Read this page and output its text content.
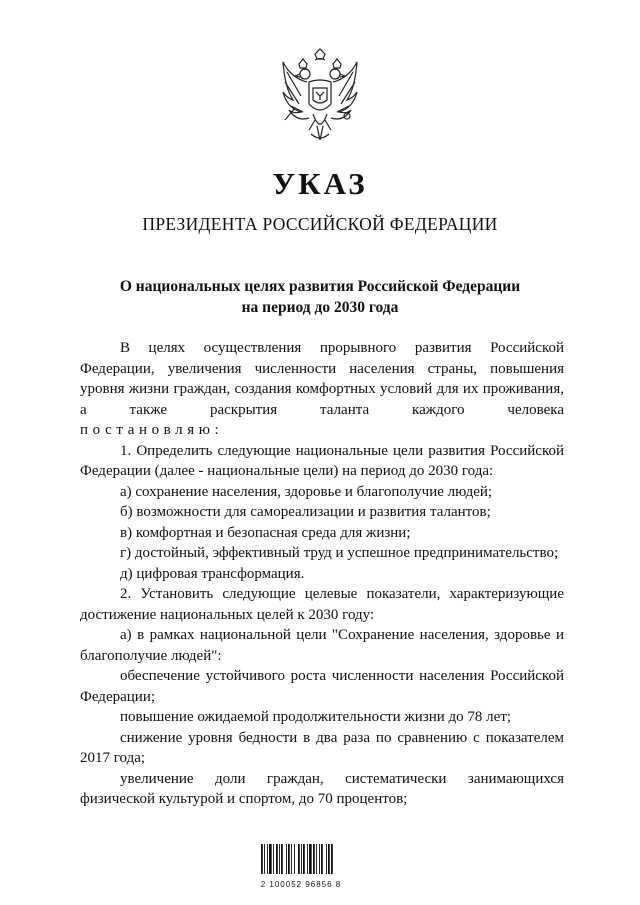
УКАЗ
ПРЕЗИДЕНТА РОССИЙСКОЙ ФЕДЕРАЦИИ
О национальных целях развития Российской Федерации
на период до 2030 года
В целях осуществления прорывного развития Российской Федерации, увеличения численности населения страны, повышения уровня жизни граждан, создания комфортных условий для их проживания, а также раскрытия таланта каждого человека
постановляю:
1. Определить следующие национальные цели развития Российской Федерации (далее - национальные цели) на период до 2030 года:
а) сохранение населения, здоровье и благополучие людей;
б) возможности для самореализации и развития талантов;
в) комфортная и безопасная среда для жизни;
г) достойный, эффективный труд и успешное предпринимательство;
д) цифровая трансформация.
2. Установить следующие целевые показатели, характеризующие достижение национальных целей к 2030 году:
а) в рамках национальной цели "Сохранение населения, здоровье и благополучие людей":
обеспечение устойчивого роста численности населения Российской Федерации;
повышение ожидаемой продолжительности жизни до 78 лет;
снижение уровня бедности в два раза по сравнению с показателем 2017 года;
увеличение доли граждан, систематически занимающихся физической культурой и спортом, до 70 процентов;
2 100052 96856 8
